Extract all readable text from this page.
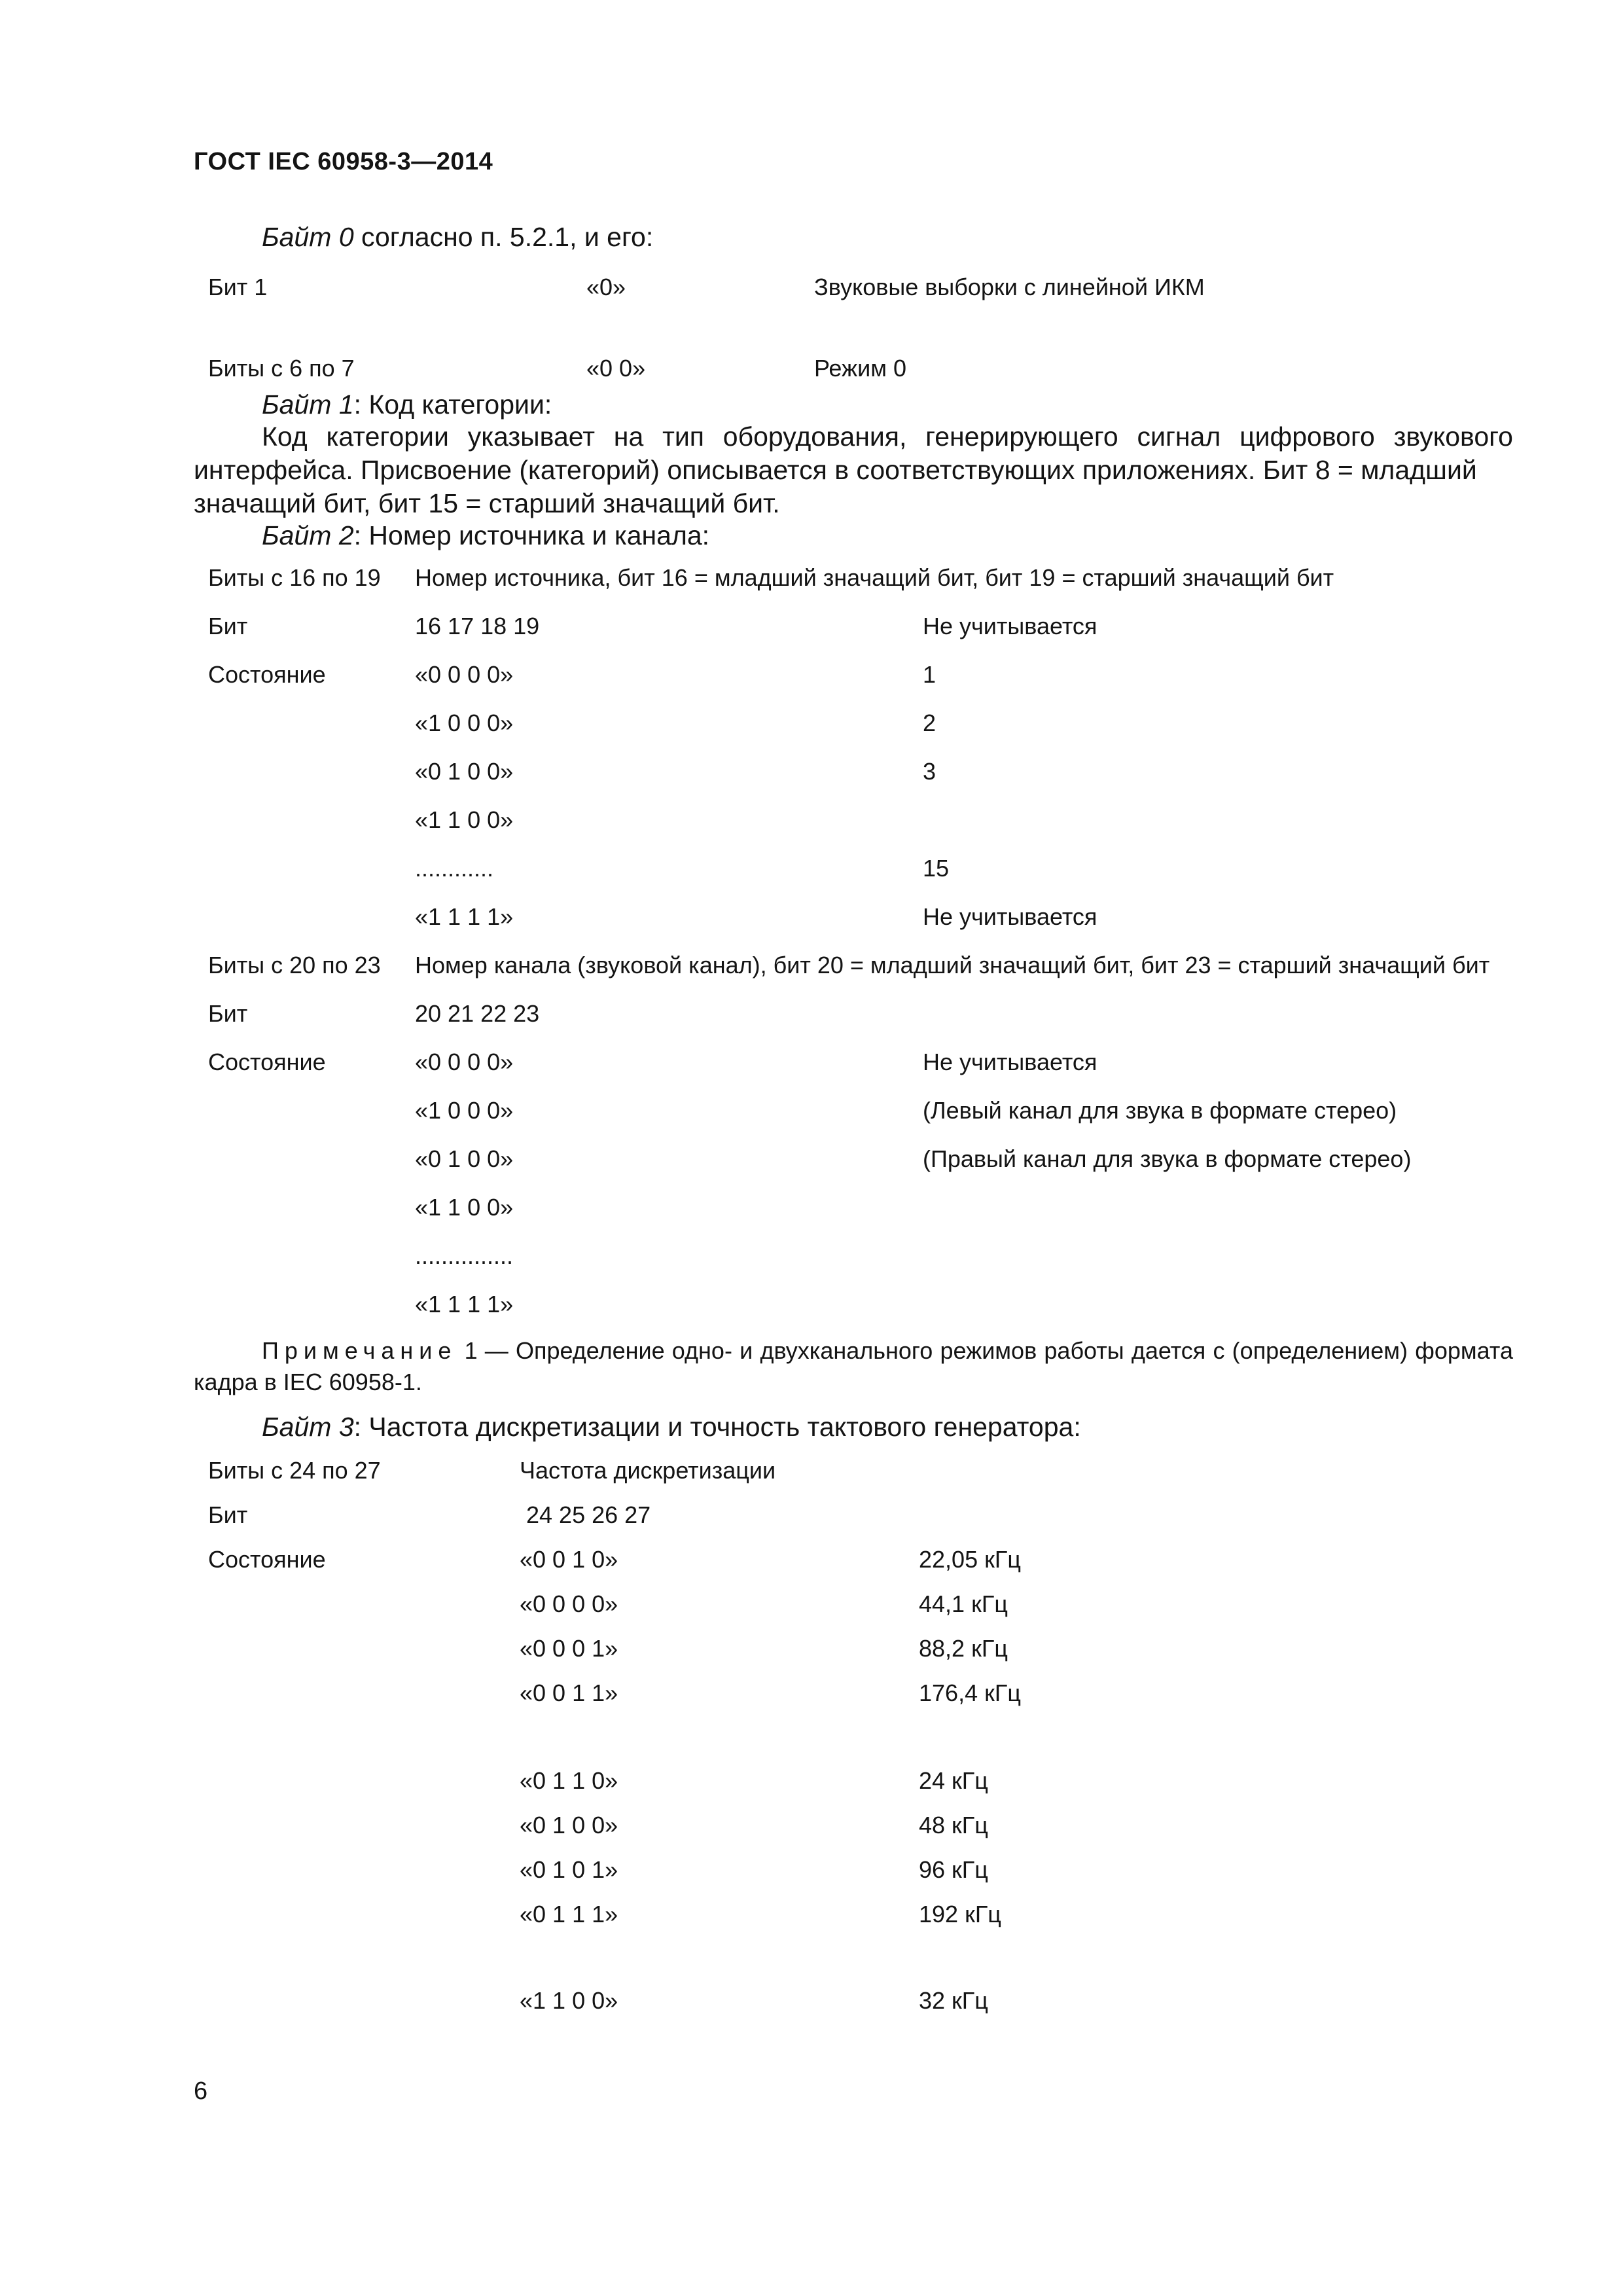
ГОСТ IEC 60958-3—2014
Байт 0 согласно п. 5.2.1, и его:
Бит 1	«0»	Звуковые выборки с линейной ИКМ
Биты с 6 по 7	«0 0»	Режим 0
Байт 1: Код категории:
Код категории указывает на тип оборудования, генерирующего сигнал цифрового звукового интерфейса. Присвоение (категорий) описывается в соответствующих приложениях. Бит 8 = младший
значащий бит, бит 15 = старший значащий бит.
Байт 2: Номер источника и канала:
Биты с 16 по 19 Номер источника, бит 16 = младший значащий бит, бит 19 = старший значащий бит
Бит	16 17 18 19	Не учитывается
Состояние	«0 0 0 0»	1
«1 0 0 0»	2
«0 1 0 0»	3
«1 1 0 0»
............	15
«1 1 1 1»	Не учитывается
Биты с 20 по 23 Номер канала (звуковой канал), бит 20 = младший значащий бит, бит 23 = старший значащий бит
Бит	20 21 22 23
Состояние	«0 0 0 0»	Не учитывается
«1 0 0 0»	(Левый канал для звука в формате стерео)
«0 1 0 0»	(Правый канал для звука в формате стерео)
«1 1 0 0»
...............
«1 1 1 1»
Примечание 1 — Определение одно- и двухканального режимов работы дается с (определением) формата кадра в IEC 60958-1.
Байт 3: Частота дискретизации и точность тактового генератора:
Биты с 24 по 27	Частота дискретизации
Бит	24 25 26 27
Состояние	«0 0 1 0»	22,05 кГц
«0 0 0 0»	44,1 кГц
«0 0 0 1»	88,2 кГц
«0 0 1 1»	176,4 кГц
«0 1 1 0»	24 кГц
«0 1 0 0»	48 кГц
«0 1 0 1»	96 кГц
«0 1 1 1»	192 кГц
«1 1 0 0»	32 кГц
6
